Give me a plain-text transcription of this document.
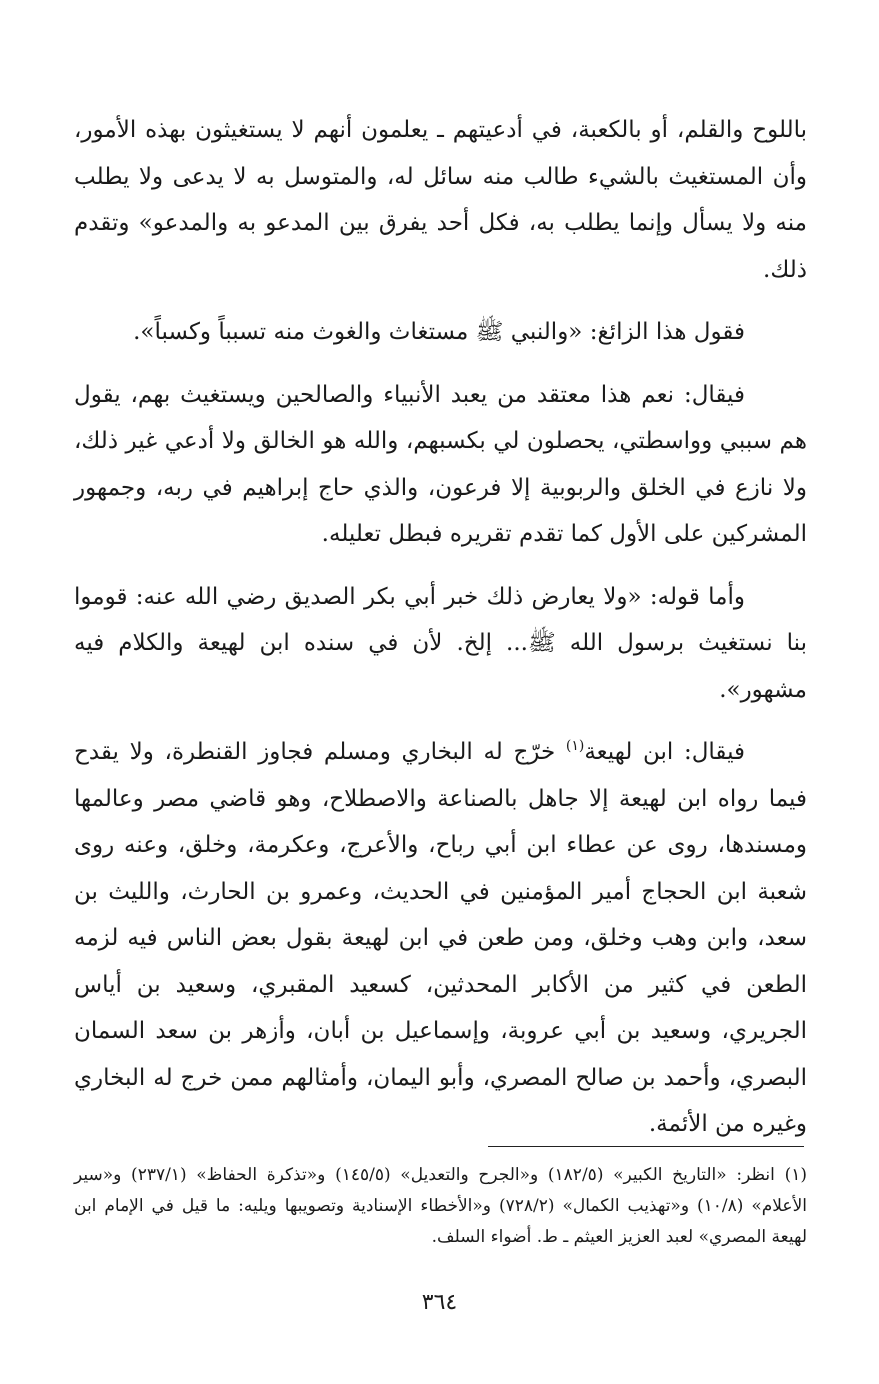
باللوح والقلم، أو بالكعبة، في أدعيتهم ـ يعلمون أنهم لا يستغيثون بهذه الأمور، وأن المستغيث بالشيء طالب منه سائل له، والمتوسل به لا يدعى ولا يطلب منه ولا يسأل وإنما يطلب به، فكل أحد يفرق بين المدعو به والمدعو» وتقدم ذلك.

فقول هذا الزائغ: «والنبي ﷺ مستغاث والغوث منه تسبباً وكسباً».

فيقال: نعم هذا معتقد من يعبد الأنبياء والصالحين ويستغيث بهم، يقول هم سببي وواسطتي، يحصلون لي بكسبهم، والله هو الخالق ولا أدعي غير ذلك، ولا نازع في الخلق والربوبية إلا فرعون، والذي حاج إبراهيم في ربه، وجمهور المشركين على الأول كما تقدم تقريره فبطل تعليله.

وأما قوله: «ولا يعارض ذلك خبر أبي بكر الصديق رضي الله عنه: قوموا بنا نستغيث برسول الله ﷺ... إلخ. لأن في سنده ابن لهيعة والكلام فيه مشهور».

فيقال: ابن لهيعة$^{(١)}$ خرّج له البخاري ومسلم فجاوز القنطرة، ولا يقدح فيما رواه ابن لهيعة إلا جاهل بالصناعة والاصطلاح، وهو قاضي مصر وعالمها ومسندها، روى عن عطاء ابن أبي رباح، والأعرج، وعكرمة، وخلق، وعنه روى شعبة ابن الحجاج أمير المؤمنين في الحديث، وعمرو بن الحارث، والليث بن سعد، وابن وهب وخلق، ومن طعن في ابن لهيعة بقول بعض الناس فيه لزمه الطعن في كثير من الأكابر المحدثين، كسعيد المقبري، وسعيد بن أياس الجريري، وسعيد بن أبي عروبة، وإسماعيل بن أبان، وأزهر بن سعد السمان البصري، وأحمد بن صالح المصري، وأبو اليمان، وأمثالهم ممن خرج له البخاري وغيره من الأئمة.

(١) انظر: «التاريخ الكبير» (١٨٢/٥) و«الجرح والتعديل» (١٤٥/٥) و«تذكرة الحفاظ» (٢٣٧/١) و«سير الأعلام» (١٠/٨) و«تهذيب الكمال» (٧٢٨/٢) و«الأخطاء الإسنادية وتصويبها ويليه: ما قيل في الإمام ابن لهيعة المصري» لعبد العزيز العيثم ـ ط. أضواء السلف.

٣٦٤
